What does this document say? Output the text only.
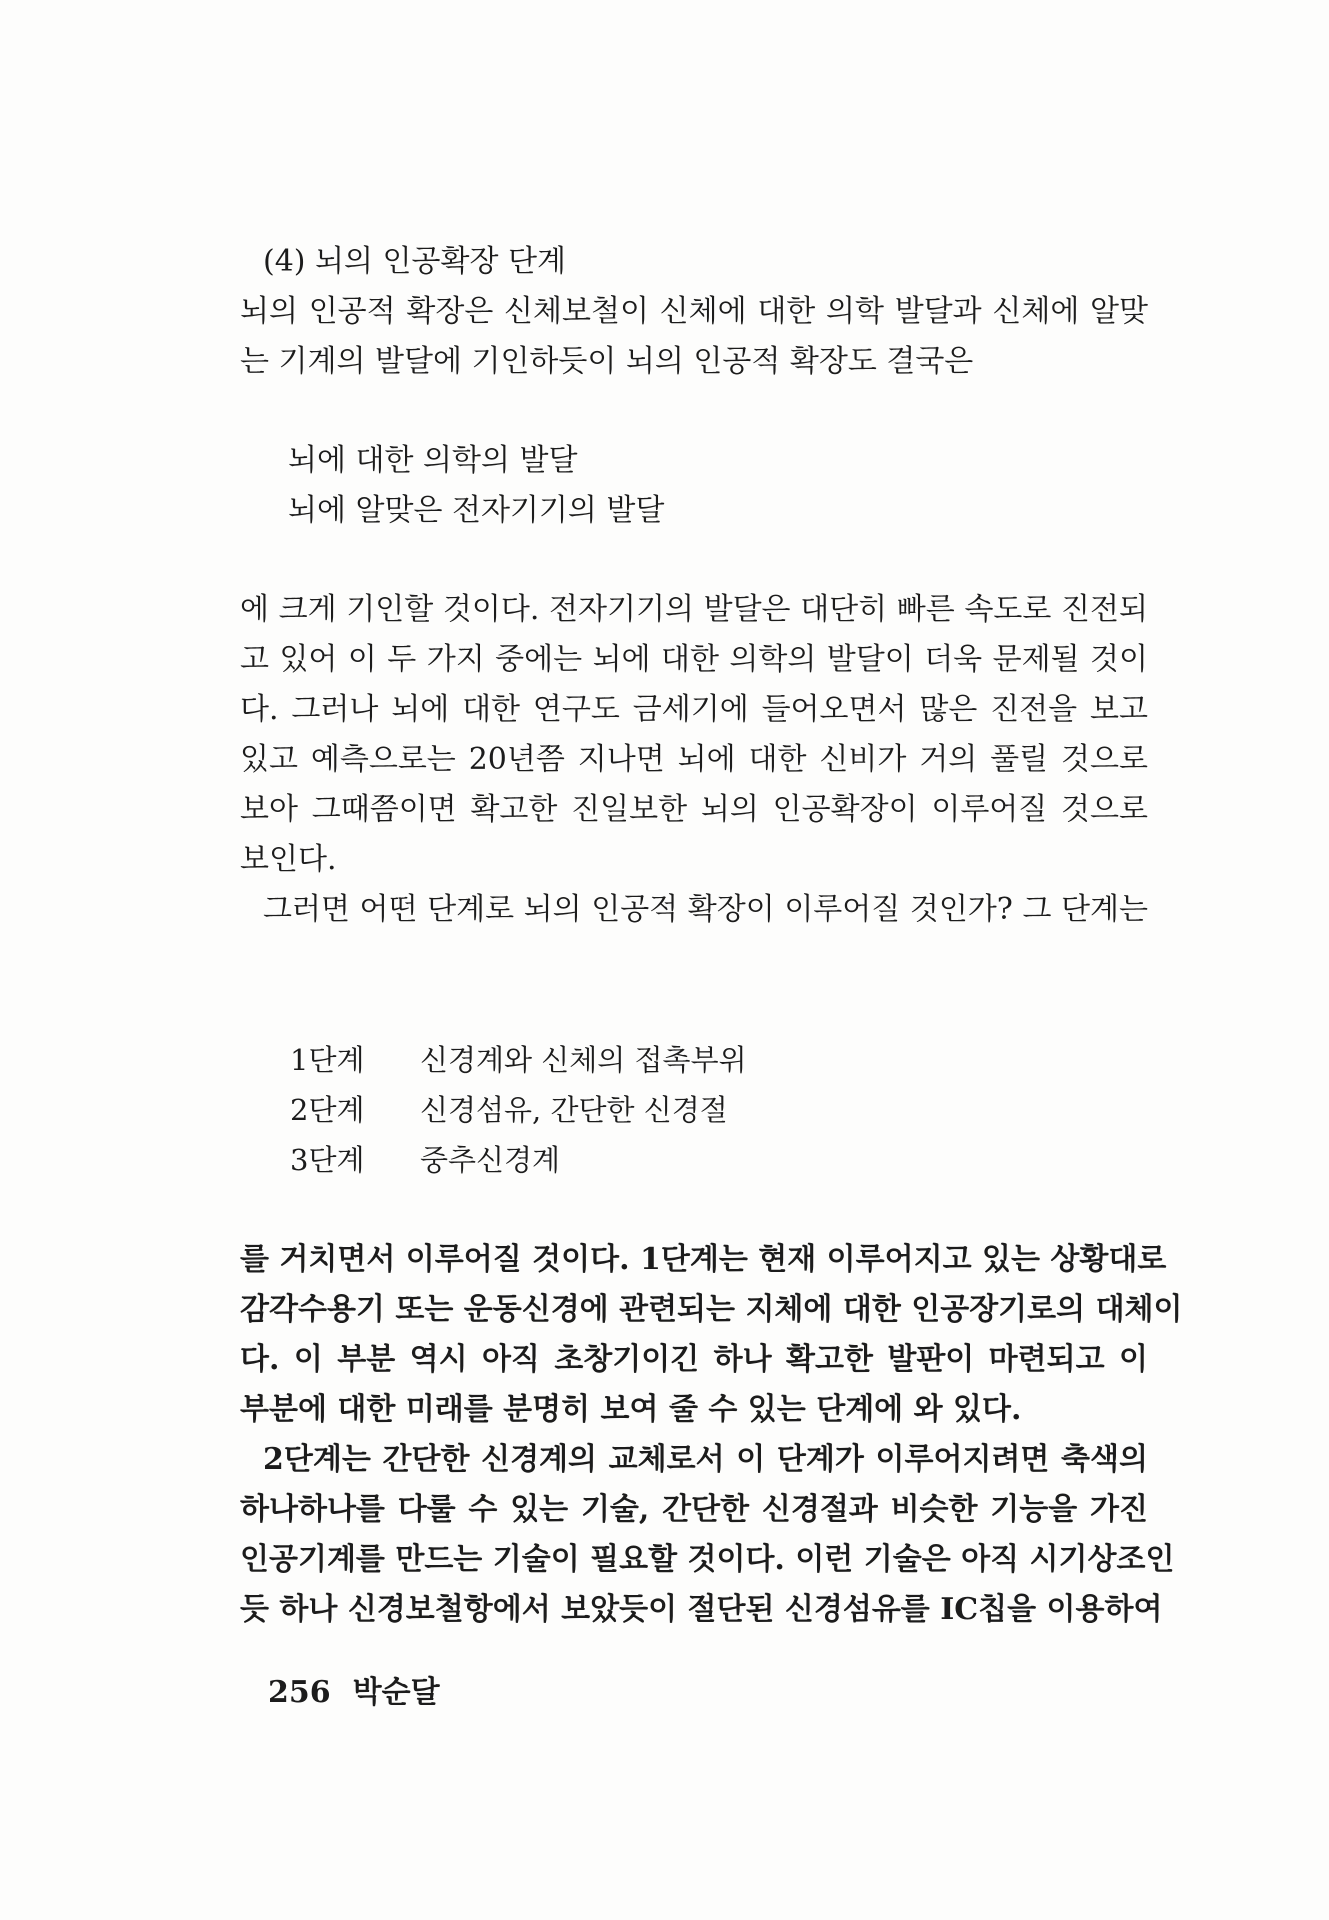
(4) 뇌의 인공확장 단계
뇌의 인공적 확장은 신체보철이 신체에 대한 의학 발달과 신체에 알맞
는 기계의 발달에 기인하듯이 뇌의 인공적 확장도 결국은
뇌에 대한 의학의 발달
뇌에 알맞은 전자기기의 발달
에 크게 기인할 것이다. 전자기기의 발달은 대단히 빠른 속도로 진전되
고 있어 이 두 가지 중에는 뇌에 대한 의학의 발달이 더욱 문제될 것이
다. 그러나 뇌에 대한 연구도 금세기에 들어오면서 많은 진전을 보고
있고 예측으로는 20년쯤 지나면 뇌에 대한 신비가 거의 풀릴 것으로
보아 그때쯤이면 확고한 진일보한 뇌의 인공확장이 이루어질 것으로
보인다.
그러면 어떤 단계로 뇌의 인공적 확장이 이루어질 것인가? 그 단계는
1단계 신경계와 신체의 접촉부위
2단계 신경섬유, 간단한 신경절
3단계 중추신경계
를 거치면서 이루어질 것이다. 1단계는 현재 이루어지고 있는 상황대로
감각수용기 또는 운동신경에 관련되는 지체에 대한 인공장기로의 대체이
다. 이 부분 역시 아직 초창기이긴 하나 확고한 발판이 마련되고 이
부분에 대한 미래를 분명히 보여 줄 수 있는 단계에 와 있다.
2단계는 간단한 신경계의 교체로서 이 단계가 이루어지려면 축색의
하나하나를 다룰 수 있는 기술, 간단한 신경절과 비슷한 기능을 가진
인공기계를 만드는 기술이 필요할 것이다. 이런 기술은 아직 시기상조인
듯 하나 신경보철항에서 보았듯이 절단된 신경섬유를 IC칩을 이용하여
256 박순달
